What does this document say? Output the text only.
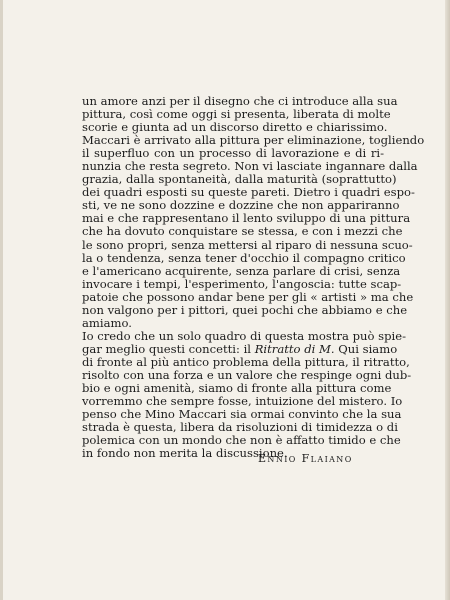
un amore anzi per il disegno che ci introduce alla sua
pittura, così come oggi si presenta, liberata di molte
scorie e giunta ad un discorso diretto e chiarissimo.
Maccari è arrivato alla pittura per eliminazione, togliendo
il superfluo con un processo di lavorazione e di ri-
nunzia che resta segreto. Non vi lasciate ingannare dalla
grazia, dalla spontaneità, dalla maturità (soprattutto)
dei quadri esposti su queste pareti. Dietro i quadri espo-
sti, ve ne sono dozzine e dozzine che non appariranno
mai e che rappresentano il lento sviluppo di una pittura
che ha dovuto conquistare se stessa, e con i mezzi che
le sono propri, senza mettersi al riparo di nessuna scuo-
la o tendenza, senza tener d'occhio il compagno critico
e l'americano acquirente, senza parlare di crisi, senza
invocare i tempi, l'esperimento, l'angoscia: tutte scap-
patoie che possono andar bene per gli « artisti » ma che
non valgono per i pittori, quei pochi che abbiamo e che
amiamo.
Io credo che un solo quadro di questa mostra può spie-
gar meglio questi concetti: il Ritratto di M. Qui siamo
di fronte al più antico problema della pittura, il ritratto,
risolto con una forza e un valore che respinge ogni dub-
bio e ogni amenità, siamo di fronte alla pittura come
vorremmo che sempre fosse, intuizione del mistero. Io
penso che Mino Maccari sia ormai convinto che la sua
strada è questa, libera da risoluzioni di timidezza o di
polemica con un mondo che non è affatto timido e che
in fondo non merita la discussione.
Ennio Flaiano
